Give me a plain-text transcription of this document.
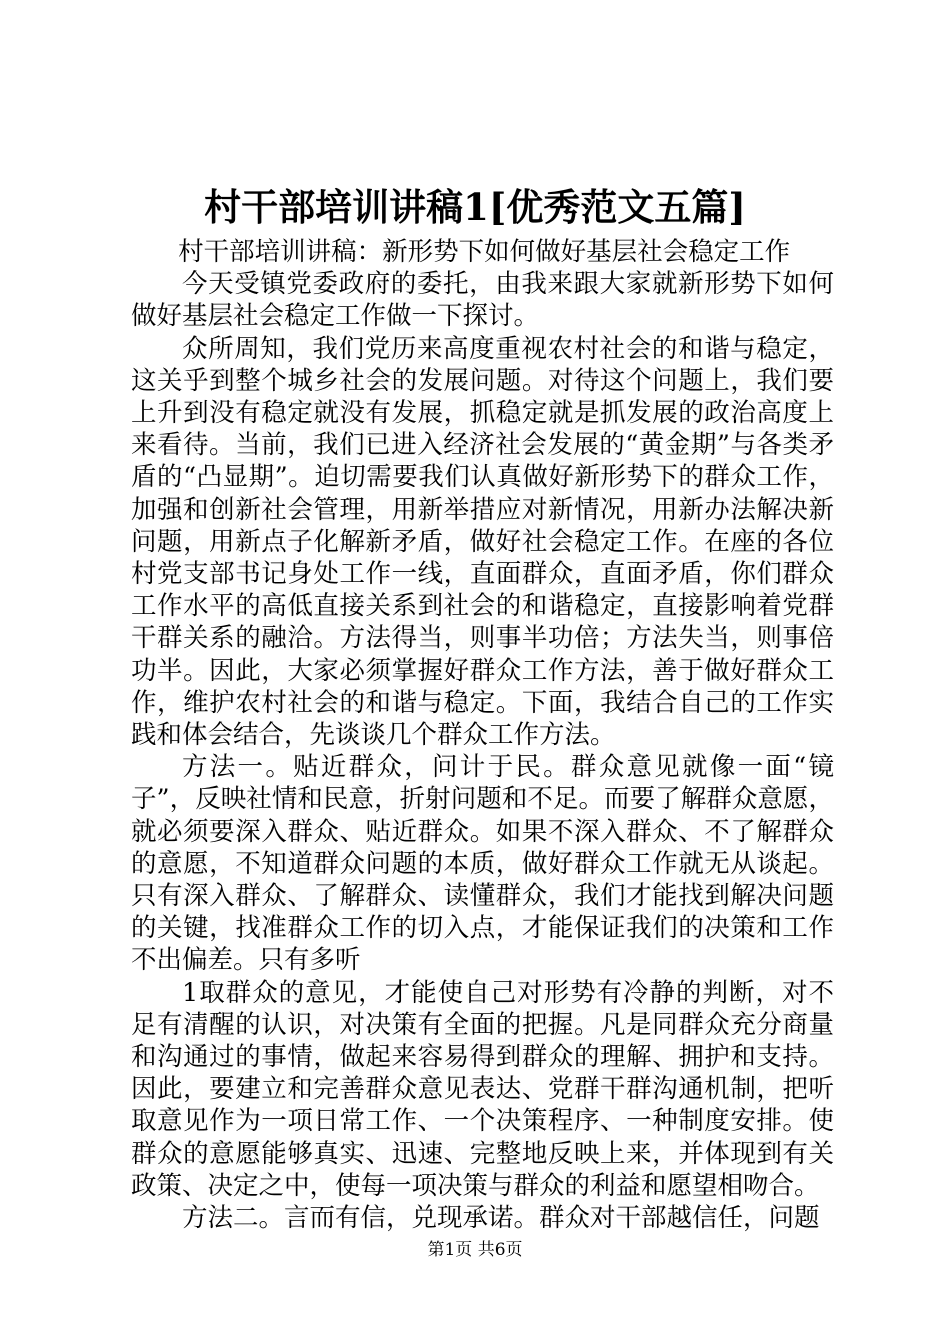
村干部培训讲稿1[优秀范文五篇]

村干部培训讲稿：新形势下如何做好基层社会稳定工作

今天受镇党委政府的委托，由我来跟大家就新形势下如何做好基层社会稳定工作做一下探讨。

众所周知，我们党历来高度重视农村社会的和谐与稳定，这关乎到整个城乡社会的发展问题。对待这个问题上，我们要上升到没有稳定就没有发展，抓稳定就是抓发展的政治高度上来看待。当前，我们已进入经济社会发展的“黄金期”与各类矛盾的“凸显期”。迫切需要我们认真做好新形势下的群众工作，加强和创新社会管理，用新举措应对新情况，用新办法解决新问题，用新点子化解新矛盾，做好社会稳定工作。在座的各位村党支部书记身处工作一线，直面群众，直面矛盾，你们群众工作水平的高低直接关系到社会的和谐稳定，直接影响着党群干群关系的融洽。方法得当，则事半功倍；方法失当，则事倍功半。因此，大家必须掌握好群众工作方法，善于做好群众工作，维护农村社会的和谐与稳定。下面，我结合自己的工作实践和体会结合，先谈谈几个群众工作方法。

方法一。贴近群众，问计于民。群众意见就像一面“镜子”，反映社情和民意，折射问题和不足。而要了解群众意愿，就必须要深入群众、贴近群众。如果不深入群众、不了解群众的意愿，不知道群众问题的本质，做好群众工作就无从谈起。只有深入群众、了解群众、读懂群众，我们才能找到解决问题的关键，找准群众工作的切入点，才能保证我们的决策和工作不出偏差。只有多听

1取群众的意见，才能使自己对形势有冷静的判断，对不足有清醒的认识，对决策有全面的把握。凡是同群众充分商量和沟通过的事情，做起来容易得到群众的理解、拥护和支持。因此，要建立和完善群众意见表达、党群干群沟通机制，把听取意见作为一项日常工作、一个决策程序、一种制度安排。使群众的意愿能够真实、迅速、完整地反映上来，并体现到有关政策、决定之中，使每一项决策与群众的利益和愿望相吻合。

方法二。言而有信，兑现承诺。群众对干部越信任，问题

第1页 共6页
